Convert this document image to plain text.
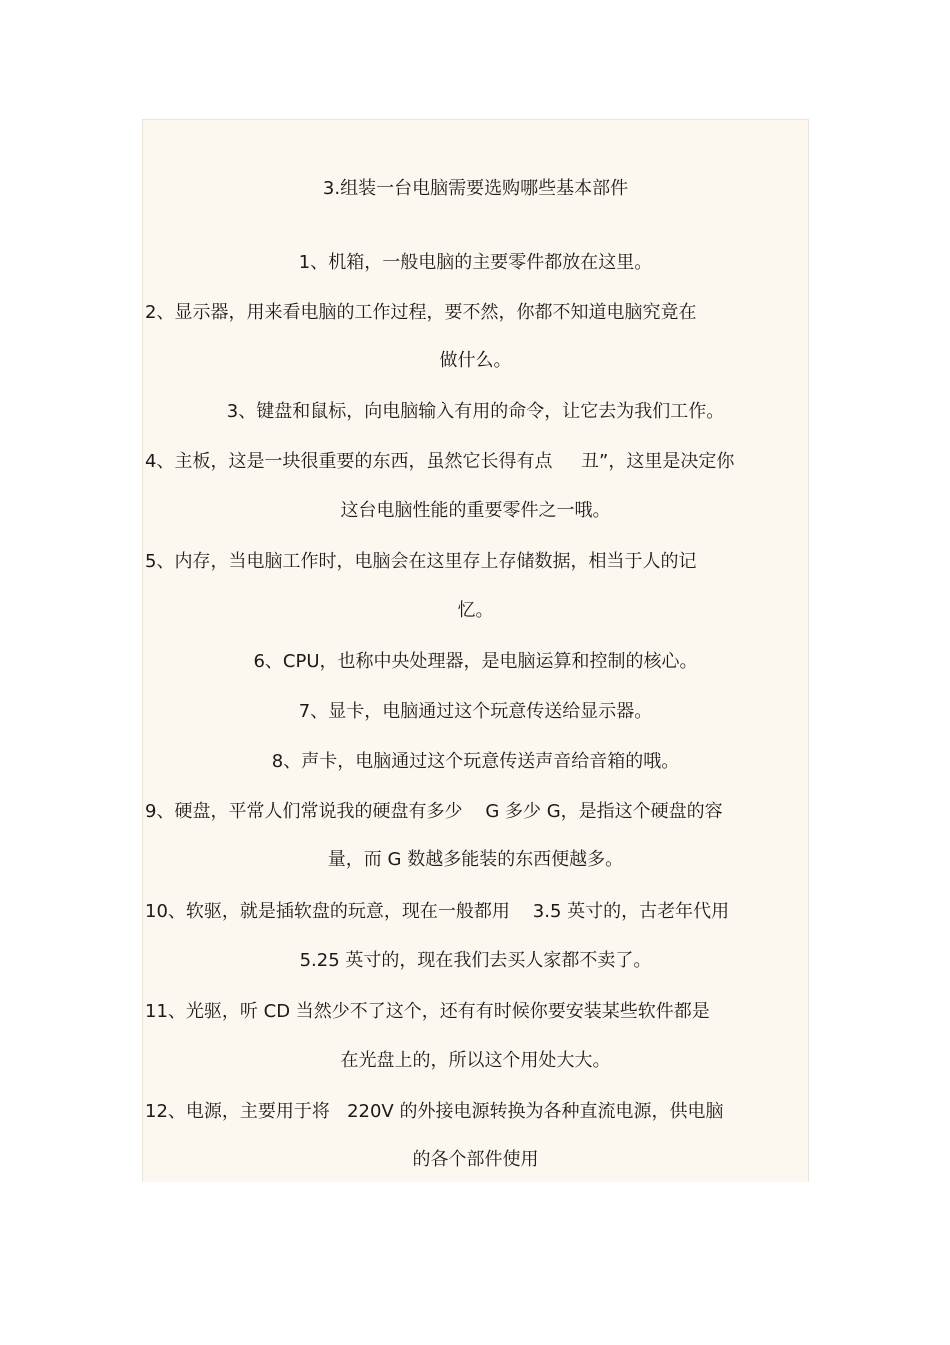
3.组装一台电脑需要选购哪些基本部件
1、机箱，一般电脑的主要零件都放在这里。
2、显示器，用来看电脑的工作过程，要不然，你都不知道电脑究竟在
做什么。
3、键盘和鼠标，向电脑输入有用的命令，让它去为我们工作。
4、主板，这是一块很重要的东西，虽然它长得有点     丑”，这里是决定你
这台电脑性能的重要零件之一哦。
5、内存，当电脑工作时，电脑会在这里存上存储数据，相当于人的记
忆。
6、CPU，也称中央处理器，是电脑运算和控制的核心。
7、显卡，电脑通过这个玩意传送给显示器。
8、声卡，电脑通过这个玩意传送声音给音箱的哦。
9、硬盘，平常人们常说我的硬盘有多少    G 多少 G，是指这个硬盘的容
量，而 G 数越多能装的东西便越多。
10、软驱，就是插软盘的玩意，现在一般都用    3.5 英寸的，古老年代用
5.25 英寸的，现在我们去买人家都不卖了。
11、光驱，听 CD 当然少不了这个，还有有时候你要安装某些软件都是
在光盘上的，所以这个用处大大。
12、电源，主要用于将   220V 的外接电源转换为各种直流电源，供电脑
的各个部件使用
